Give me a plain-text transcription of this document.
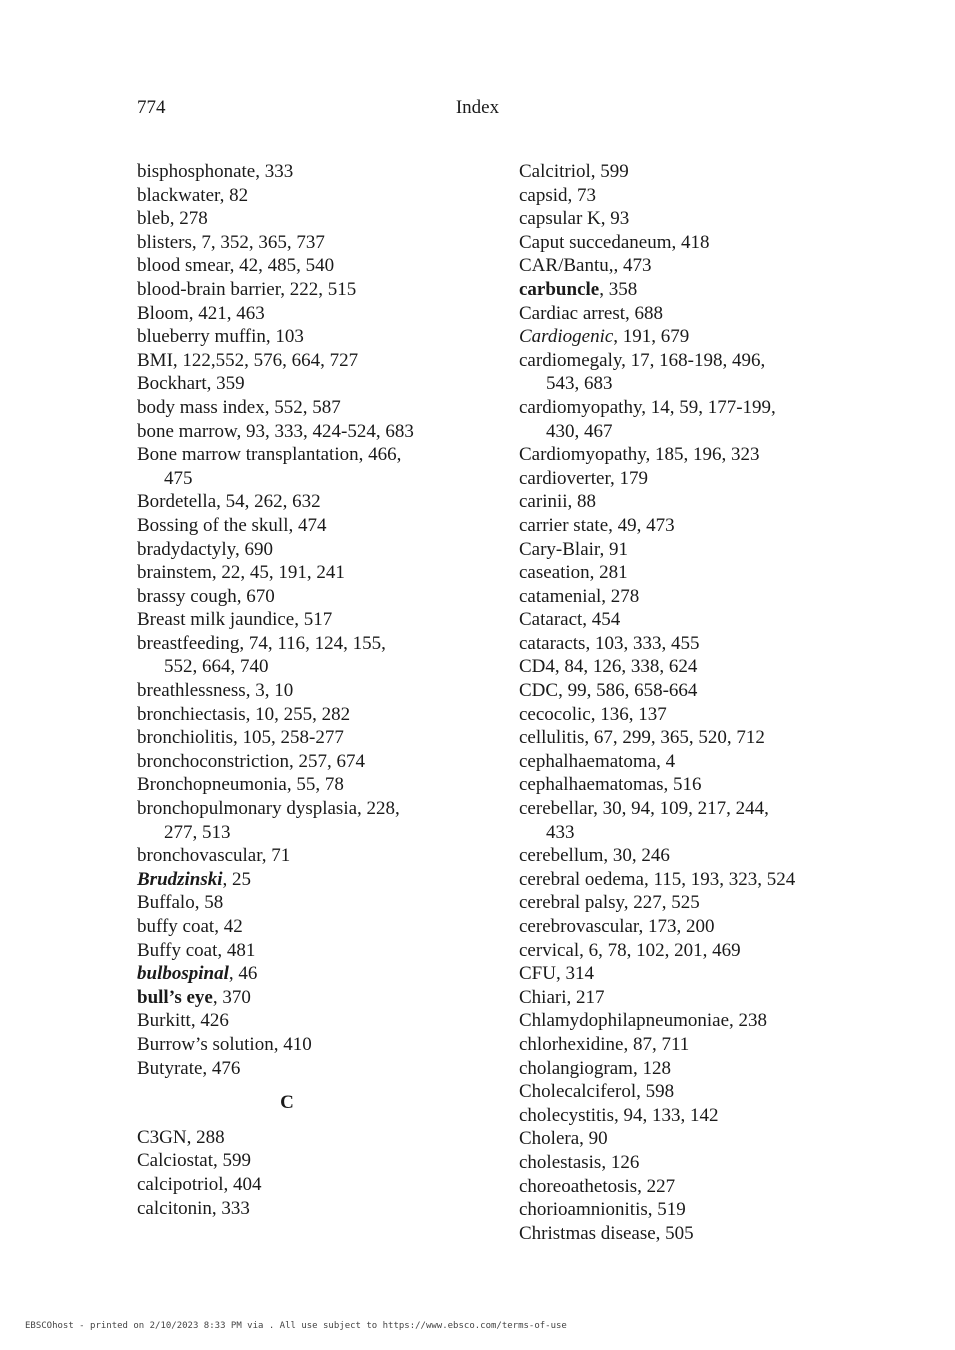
774	Index
bisphosphonate, 333
blackwater, 82
bleb, 278
blisters, 7, 352, 365, 737
blood smear, 42, 485, 540
blood-brain barrier, 222, 515
Bloom, 421, 463
blueberry muffin, 103
BMI, 122,552, 576, 664, 727
Bockhart, 359
body mass index, 552, 587
bone marrow, 93, 333, 424-524, 683
Bone marrow transplantation, 466,
475
Bordetella, 54, 262, 632
Bossing of the skull, 474
bradydactyly, 690
brainstem, 22, 45, 191, 241
brassy cough, 670
Breast milk jaundice, 517
breastfeeding, 74, 116, 124, 155,
552, 664, 740
breathlessness, 3, 10
bronchiectasis, 10, 255, 282
bronchiolitis, 105, 258-277
bronchoconstriction, 257, 674
Bronchopneumonia, 55, 78
bronchopulmonary dysplasia, 228,
277, 513
bronchovascular, 71
Brudzinski, 25
Buffalo, 58
buffy coat, 42
Buffy coat, 481
bulbospinal, 46
bull’s eye, 370
Burkitt, 426
Burrow’s solution, 410
Butyrate, 476
C
C3GN, 288
Calciostat, 599
calcipotriol, 404
calcitonin, 333
Calcitriol, 599
capsid, 73
capsular K, 93
Caput succedaneum, 418
CAR/Bantu,, 473
carbuncle, 358
Cardiac arrest, 688
Cardiogenic, 191, 679
cardiomegaly, 17, 168-198, 496,
543, 683
cardiomyopathy, 14, 59, 177-199,
430, 467
Cardiomyopathy, 185, 196, 323
cardioverter, 179
carinii, 88
carrier state, 49, 473
Cary-Blair, 91
caseation, 281
catamenial, 278
Cataract, 454
cataracts, 103, 333, 455
CD4, 84, 126, 338, 624
CDC, 99, 586, 658-664
cecocolic, 136, 137
cellulitis, 67, 299, 365, 520, 712
cephalhaematoma, 4
cephalhaematomas, 516
cerebellar, 30, 94, 109, 217, 244,
433
cerebellum, 30, 246
cerebral oedema, 115, 193, 323, 524
cerebral palsy, 227, 525
cerebrovascular, 173, 200
cervical, 6, 78, 102, 201, 469
CFU, 314
Chiari, 217
Chlamydophilapneumoniae, 238
chlorhexidine, 87, 711
cholangiogram, 128
Cholecalciferol, 598
cholecystitis, 94, 133, 142
Cholera, 90
cholestasis, 126
choreoathetosis, 227
chorioamnionitis, 519
Christmas disease, 505
EBSCOhost - printed on 2/10/2023 8:33 PM via . All use subject to https://www.ebsco.com/terms-of-use
